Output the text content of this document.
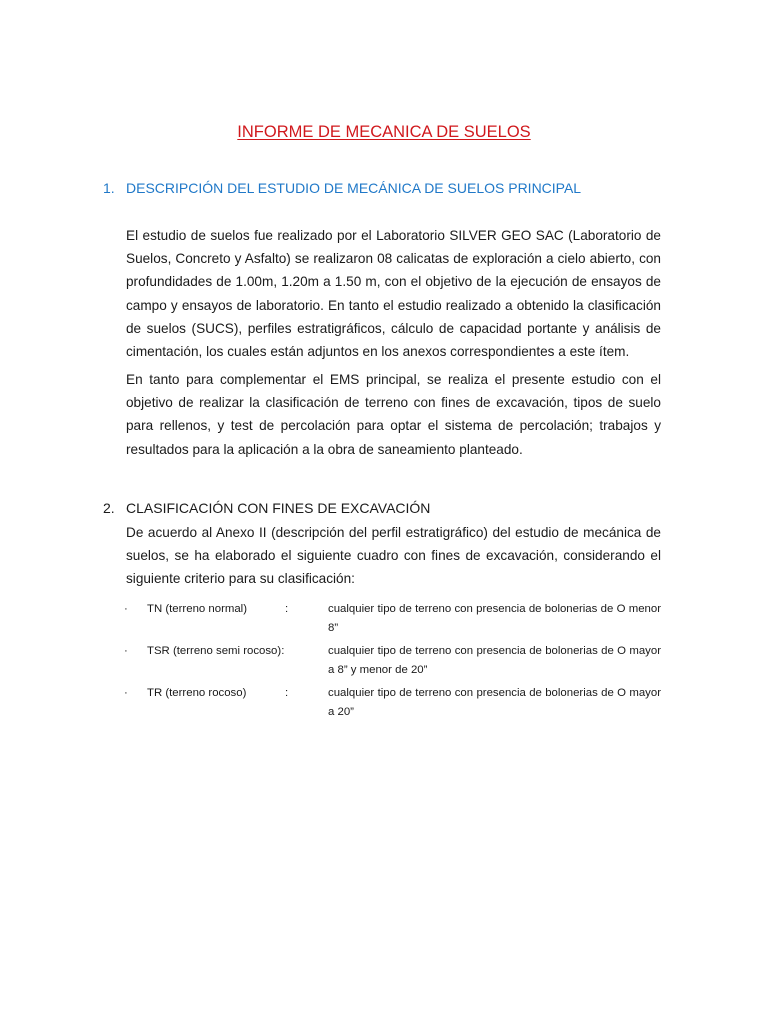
INFORME DE MECANICA DE SUELOS
1. DESCRIPCIÓN DEL ESTUDIO DE MECÁNICA DE SUELOS PRINCIPAL

El estudio de suelos fue realizado por el Laboratorio SILVER GEO SAC (Laboratorio de Suelos, Concreto y Asfalto) se realizaron 08 calicatas de exploración a cielo abierto, con profundidades de 1.00m, 1.20m a 1.50 m, con el objetivo de la ejecución de ensayos de campo y ensayos de laboratorio. En tanto el estudio realizado a obtenido la clasificación de suelos (SUCS), perfiles estratigráficos, cálculo de capacidad portante y análisis de cimentación, los cuales están adjuntos en los anexos correspondientes a este ítem.

En tanto para complementar el EMS principal, se realiza el presente estudio con el objetivo de realizar la clasificación de terreno con fines de excavación, tipos de suelo para rellenos, y test de percolación para optar el sistema de percolación; trabajos y resultados para la aplicación a la obra de saneamiento planteado.

2. CLASIFICACIÓN CON FINES DE EXCAVACIÓN

De acuerdo al Anexo II (descripción del perfil estratigráfico) del estudio de mecánica de suelos, se ha elaborado el siguiente cuadro con fines de excavación, considerando el siguiente criterio para su clasificación:

· TN (terreno normal)	:	cualquier tipo de terreno con presencia de bolonerias de Ο menor 8”
· TSR (terreno semi rocoso):	cualquier tipo de terreno con presencia de bolonerias de Ο mayor a 8” y menor de 20”
· TR (terreno rocoso)	:	cualquier tipo de terreno con presencia de bolonerias de Ο mayor a 20”
